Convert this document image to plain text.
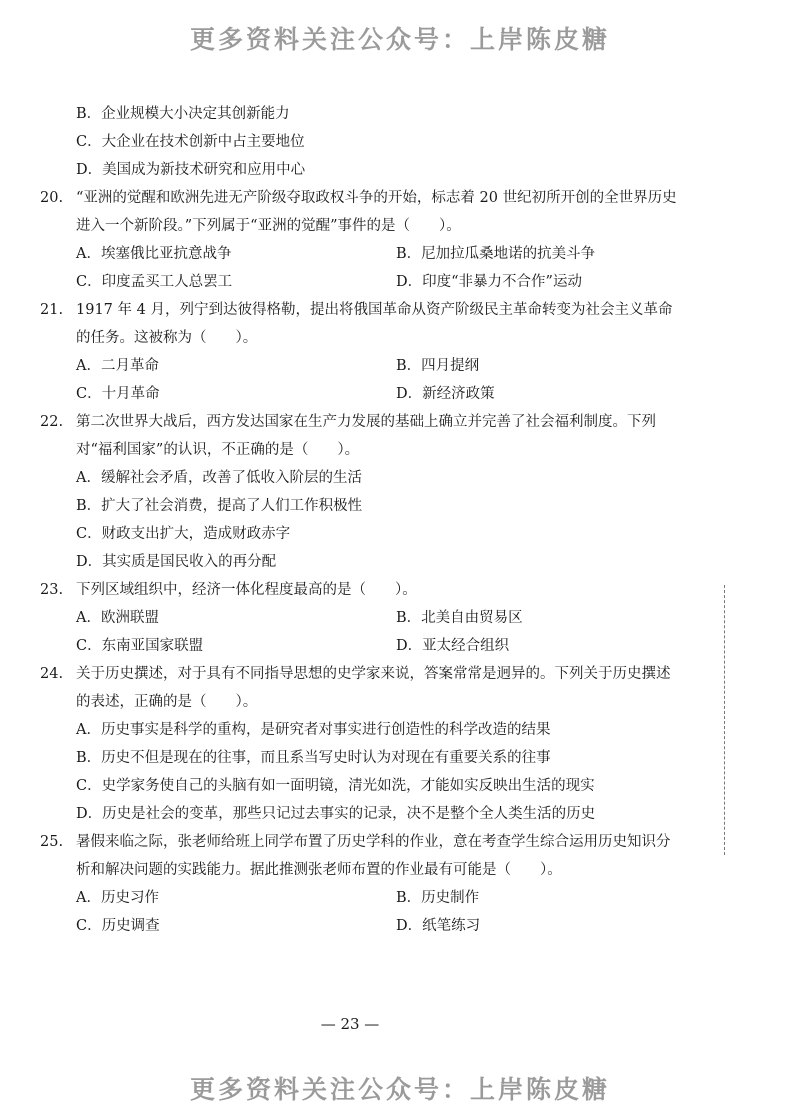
更多资料关注公众号：上岸陈皮糖
B．企业规模大小决定其创新能力
C．大企业在技术创新中占主要地位
D．美国成为新技术研究和应用中心
20. “亚洲的觉醒和欧洲先进无产阶级夺取政权斗争的开始，标志着 20 世纪初所开创的全世界历史进入一个新阶段。”下列属于“亚洲的觉醒”事件的是（　　）。
A．埃塞俄比亚抗意战争	B．尼加拉瓜桑地诺的抗美斗争
C．印度孟买工人总罢工	D．印度“非暴力不合作”运动
21. 1917 年 4 月，列宁到达彼得格勒，提出将俄国革命从资产阶级民主革命转变为社会主义革命的任务。这被称为（　　）。
A．二月革命	B．四月提纲
C．十月革命	D．新经济政策
22. 第二次世界大战后，西方发达国家在生产力发展的基础上确立并完善了社会福利制度。下列对“福利国家”的认识，不正确的是（　　）。
A．缓解社会矛盾，改善了低收入阶层的生活
B．扩大了社会消费，提高了人们工作积极性
C．财政支出扩大，造成财政赤字
D．其实质是国民收入的再分配
23. 下列区域组织中，经济一体化程度最高的是（　　）。
A．欧洲联盟	B．北美自由贸易区
C．东南亚国家联盟	D．亚太经合组织
24. 关于历史撰述，对于具有不同指导思想的史学家来说，答案常常是迥异的。下列关于历史撰述的表述，正确的是（　　）。
A．历史事实是科学的重构，是研究者对事实进行创造性的科学改造的结果
B．历史不但是现在的往事，而且系当写史时认为对现在有重要关系的往事
C．史学家务使自己的头脑有如一面明镜，清光如洗，才能如实反映出生活的现实
D．历史是社会的变革，那些只记过去事实的记录，决不是整个全人类生活的历史
25. 暑假来临之际，张老师给班上同学布置了历史学科的作业，意在考查学生综合运用历史知识分析和解决问题的实践能力。据此推测张老师布置的作业最有可能是（　　）。
A．历史习作	B．历史制作
C．历史调查	D．纸笔练习
— 23 —
更多资料关注公众号：上岸陈皮糖
